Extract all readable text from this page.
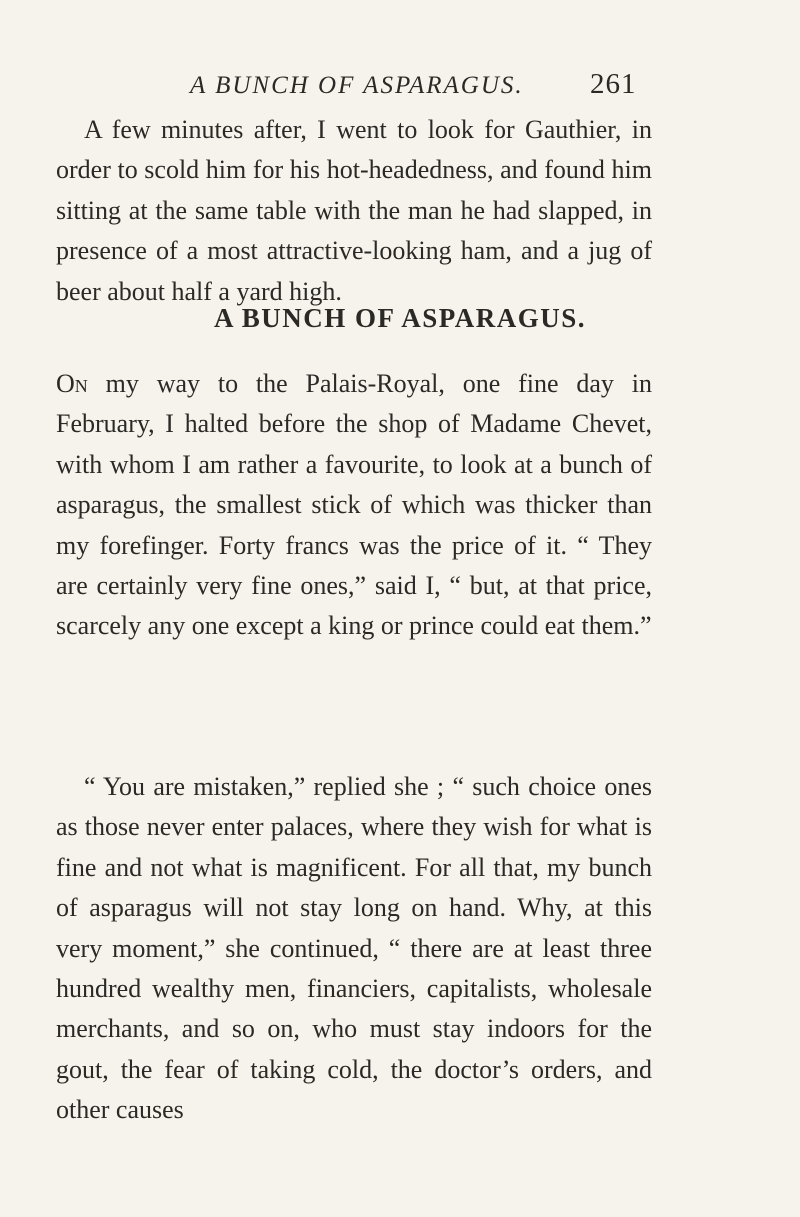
A BUNCH OF ASPARAGUS. 261

A few minutes after, I went to look for Gauthier, in order to scold him for his hot-headedness, and found him sitting at the same table with the man he had slapped, in presence of a most attractive-looking ham, and a jug of beer about half a yard high.

A BUNCH OF ASPARAGUS.

On my way to the Palais-Royal, one fine day in February, I halted before the shop of Madame Chevet, with whom I am rather a favourite, to look at a bunch of asparagus, the smallest stick of which was thicker than my forefinger. Forty francs was the price of it. “ They are certainly very fine ones,” said I, “ but, at that price, scarcely any one except a king or prince could eat them.”

“ You are mistaken,” replied she ; “ such choice ones as those never enter palaces, where they wish for what is fine and not what is magnificent. For all that, my bunch of asparagus will not stay long on hand. Why, at this very moment,” she continued, “ there are at least three hundred wealthy men, financiers, capitalists, wholesale merchants, and so on, who must stay indoors for the gout, the fear of taking cold, the doctor’s orders, and other causes
